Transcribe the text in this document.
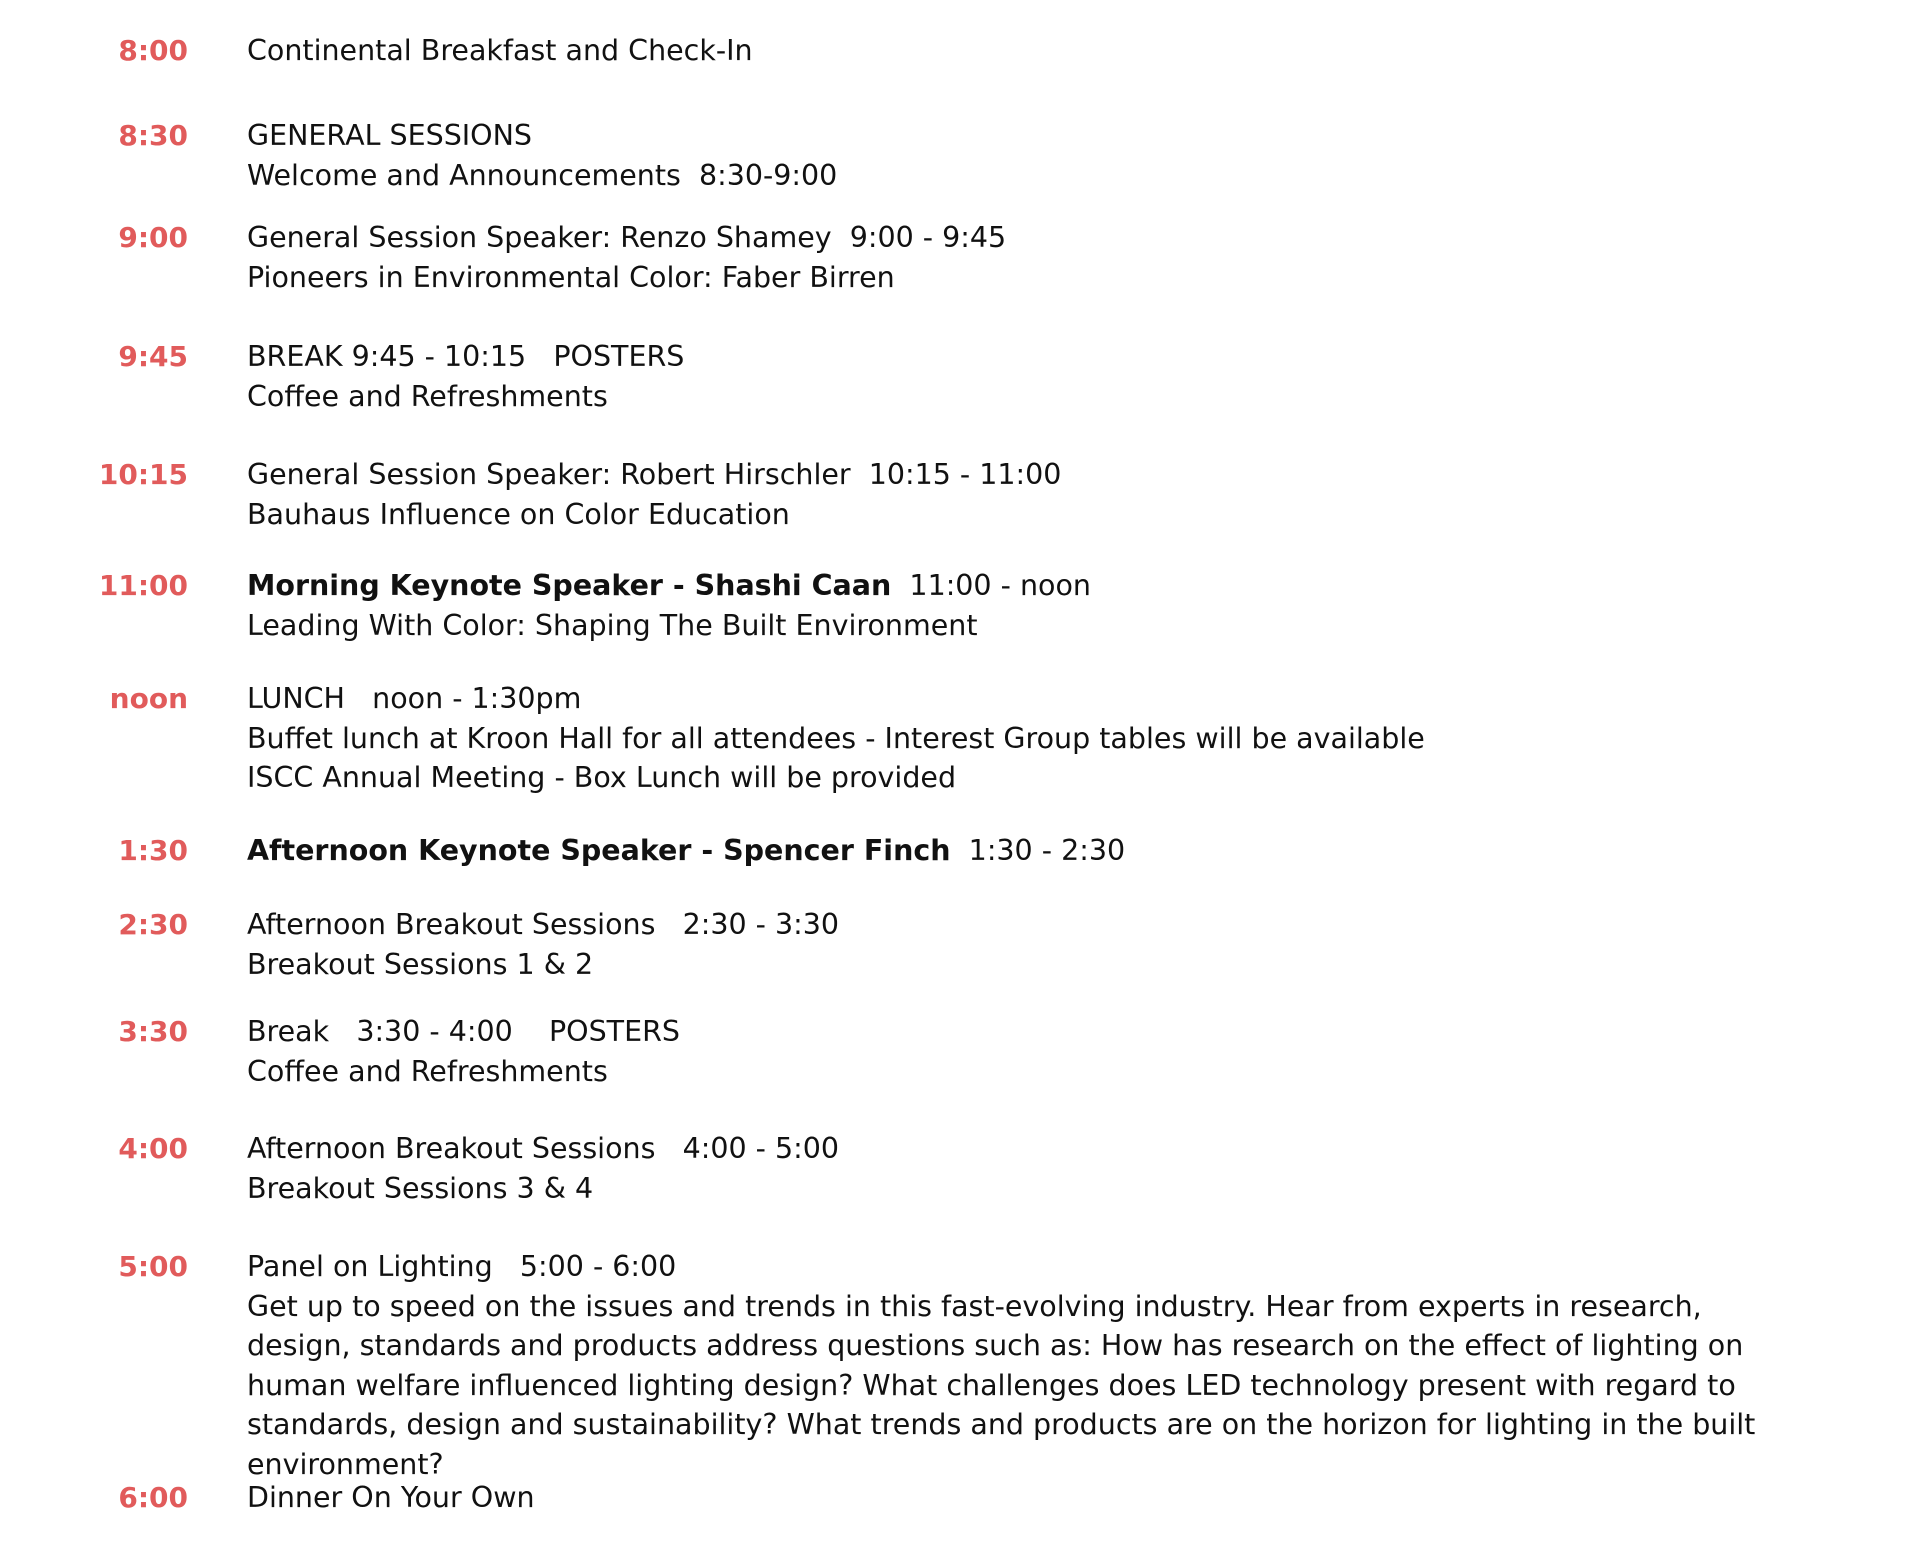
8:00 Continental Breakfast and Check-In
8:30 GENERAL SESSIONS
Welcome and Announcements  8:30-9:00
9:00 General Session Speaker: Renzo Shamey  9:00 - 9:45
Pioneers in Environmental Color: Faber Birren
9:45 BREAK 9:45 - 10:15   POSTERS
Coffee and Refreshments
10:15 General Session Speaker: Robert Hirschler  10:15 - 11:00
Bauhaus Influence on Color Education
11:00 Morning Keynote Speaker - Shashi Caan  11:00 - noon
Leading With Color: Shaping The Built Environment
noon LUNCH   noon - 1:30pm
Buffet lunch at Kroon Hall for all attendees - Interest Group tables will be available
ISCC Annual Meeting - Box Lunch will be provided
1:30 Afternoon Keynote Speaker - Spencer Finch  1:30 - 2:30
2:30 Afternoon Breakout Sessions   2:30 - 3:30
Breakout Sessions 1 & 2
3:30 Break   3:30 - 4:00    POSTERS
Coffee and Refreshments
4:00 Afternoon Breakout Sessions   4:00 - 5:00
Breakout Sessions 3 & 4
5:00 Panel on Lighting   5:00 - 6:00
Get up to speed on the issues and trends in this fast-evolving industry. Hear from experts in research, design, standards and products address questions such as: How has research on the effect of lighting on human welfare influenced lighting design? What challenges does LED technology present with regard to standards, design and sustainability? What trends and products are on the horizon for lighting in the built environment?
6:00 Dinner On Your Own
